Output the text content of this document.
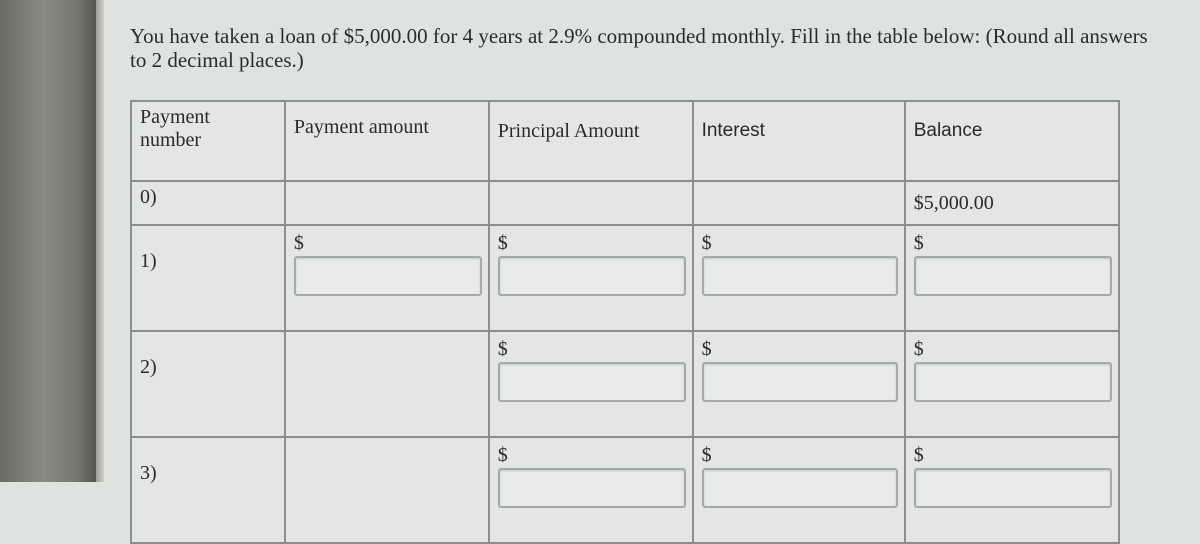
You have taken a loan of $5,000.00 for 4 years at 2.9% compounded monthly. Fill in the table below: (Round all answers to 2 decimal places.)
Payment
number	Payment amount	Principal Amount	Interest	Balance
0)				$5,000.00
1)	$	$	$	$

2)		$	$	$

3)		$	$	$
